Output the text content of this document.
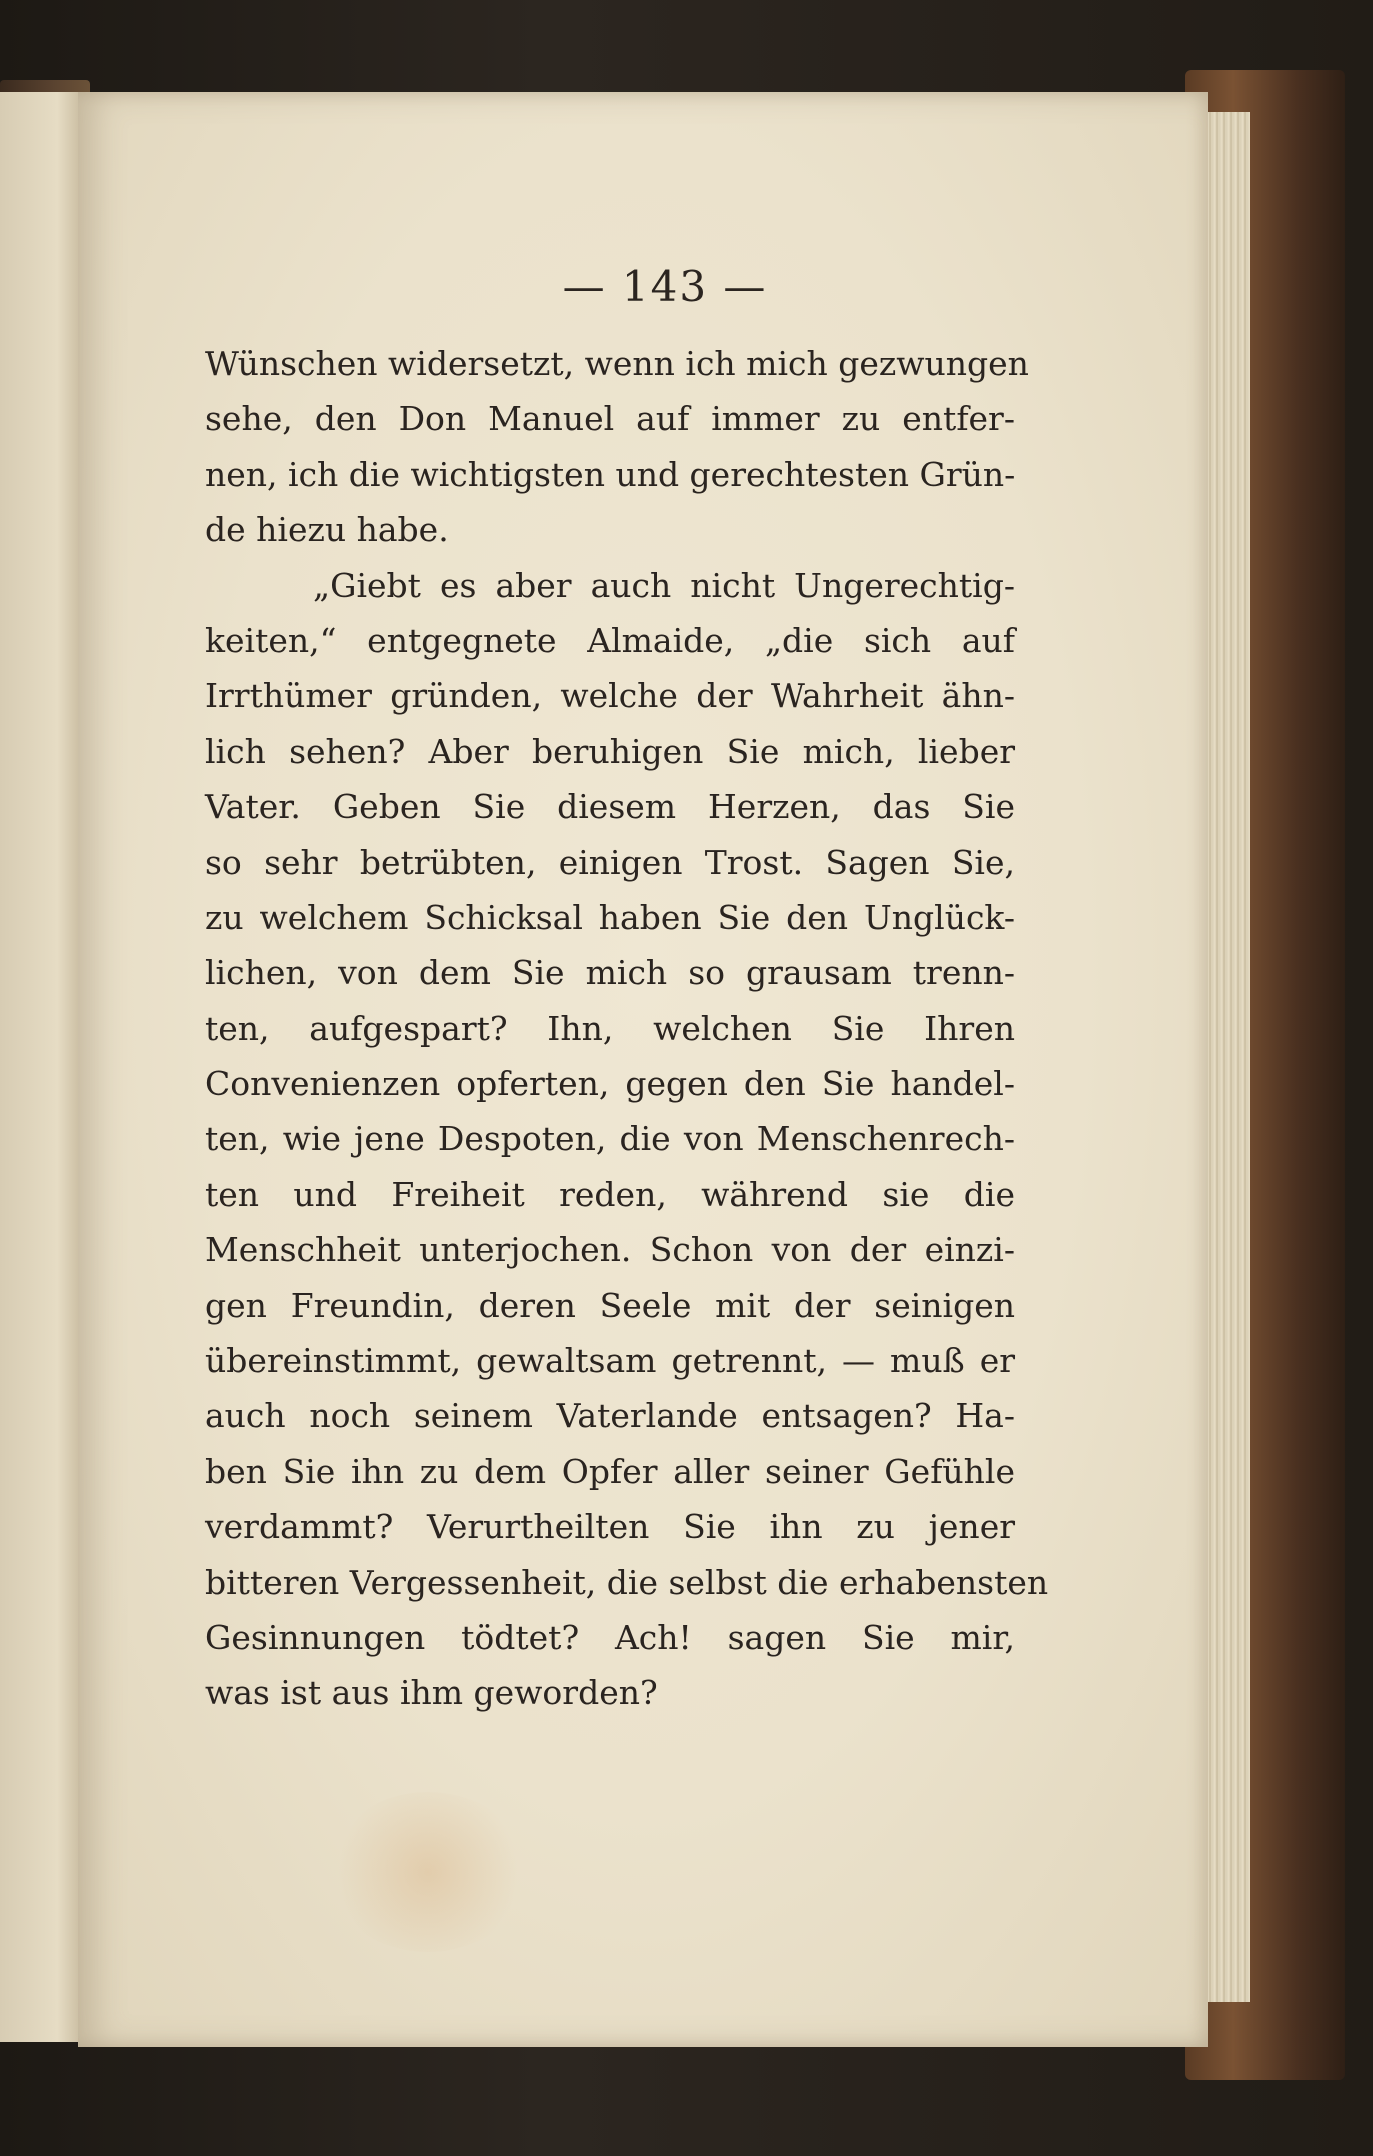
— 143 —

Wünschen widersetzt, wenn ich mich gezwungen
sehe, den Don Manuel auf immer zu entfer-
nen, ich die wichtigsten und gerechtesten Grün-
de hiezu habe.
„Giebt es aber auch nicht Ungerechtig-
keiten,“ entgegnete Almaide, „die sich auf
Irrthümer gründen, welche der Wahrheit ähn-
lich sehen? Aber beruhigen Sie mich, lieber
Vater. Geben Sie diesem Herzen, das Sie
so sehr betrübten, einigen Trost. Sagen Sie,
zu welchem Schicksal haben Sie den Unglück-
lichen, von dem Sie mich so grausam trenn-
ten, aufgespart? Ihn, welchen Sie Ihren
Convenienzen opferten, gegen den Sie handel-
ten, wie jene Despoten, die von Menschenrech-
ten und Freiheit reden, während sie die
Menschheit unterjochen. Schon von der einzi-
gen Freundin, deren Seele mit der seinigen
übereinstimmt, gewaltsam getrennt, — muß er
auch noch seinem Vaterlande entsagen? Ha-
ben Sie ihn zu dem Opfer aller seiner Gefühle
verdammt? Verurtheilten Sie ihn zu jener
bitteren Vergessenheit, die selbst die erhabensten
Gesinnungen tödtet? Ach! sagen Sie mir,
was ist aus ihm geworden?
